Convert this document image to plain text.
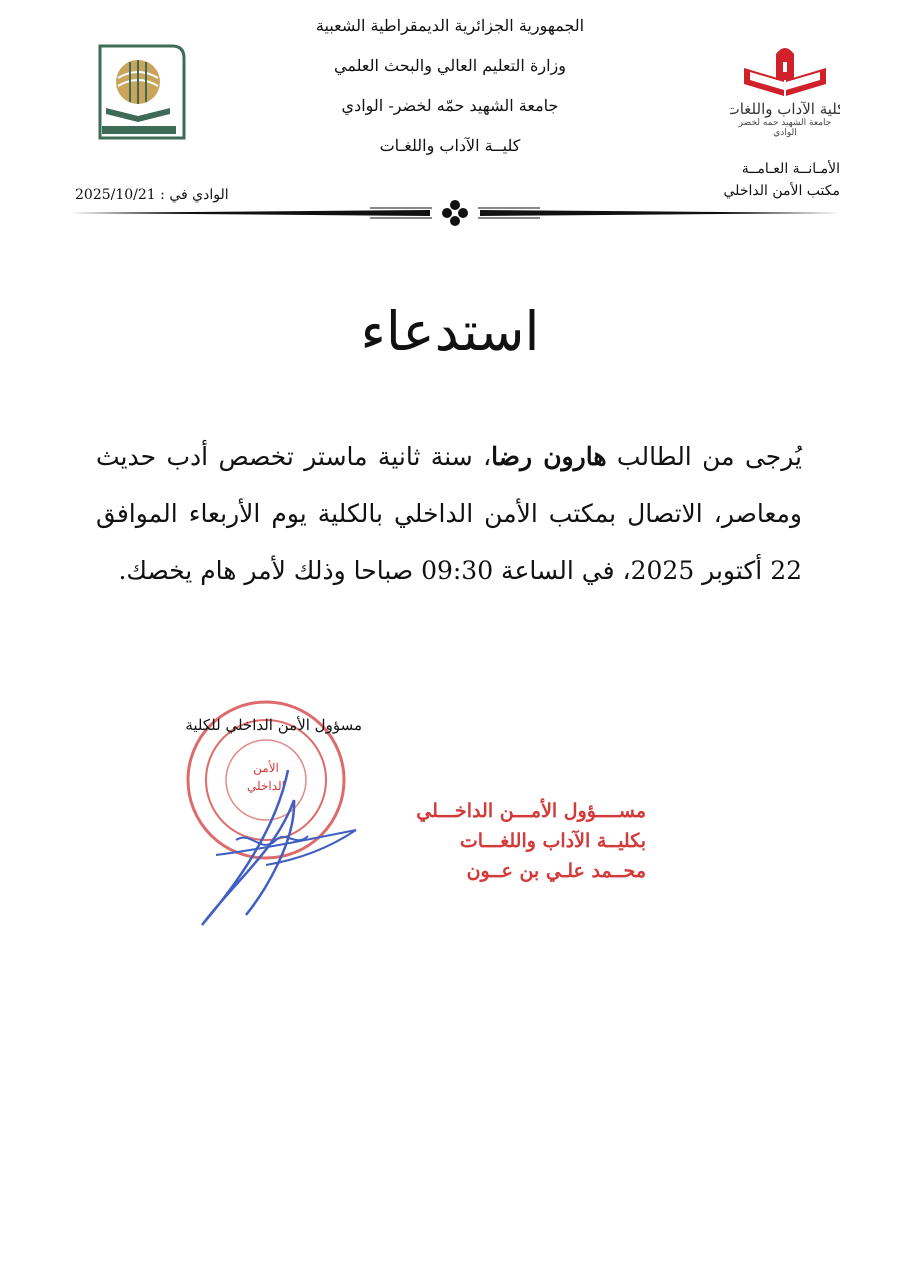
الجمهورية الجزائرية الديمقراطية الشعبية
وزارة التعليم العالي والبحث العلمي
جامعة الشهيد حمّه لخضر- الوادي
كليــة الآداب واللغـات
كلية الآداب واللغات
جامعة الشهيد حمه لخضر الوادي
الأمـانــة العـامــة
مكتب الأمن الداخلي
الوادي في : 2025/10/21
استدعاء
يُرجى من الطالب هارون رضا، سنة ثانية ماستر تخصص أدب حديث ومعاصر، الاتصال بمكتب الأمن الداخلي بالكلية يوم الأربعاء الموافق 22 أكتوبر 2025، في الساعة 09:30 صباحا وذلك لأمر هام يخصك.
مسؤول الأمن الداخلي للكلية
الأمن
الداخلي
مســــؤول الأمـــن الداخـــلي
بكليــة الآداب واللغـــات
محــمد علـي بن عــون
